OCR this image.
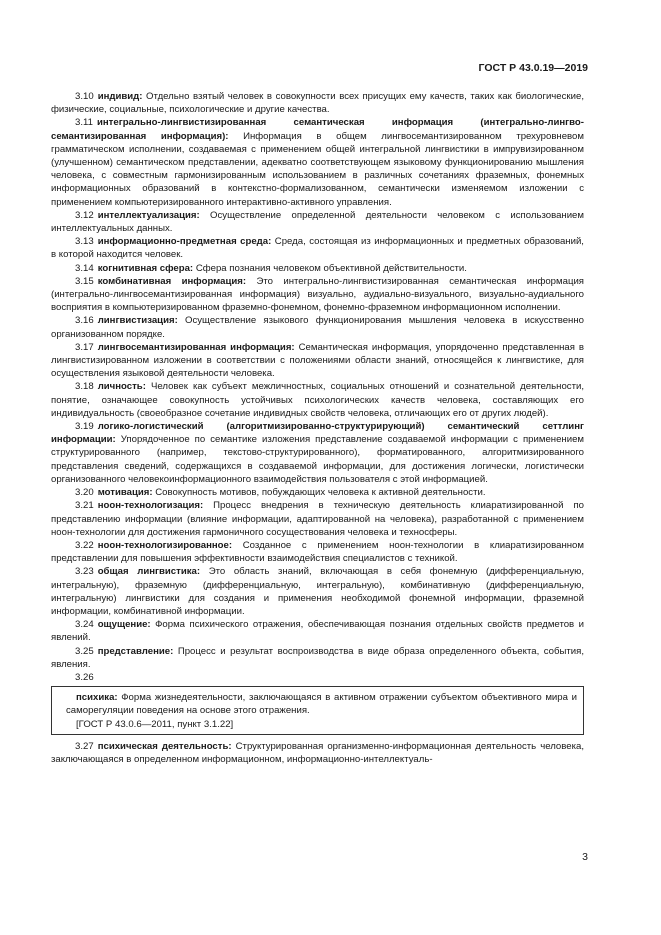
ГОСТ Р 43.0.19—2019

3.10 индивид: Отдельно взятый человек в совокупности всех присущих ему качеств, таких как биологические, физические, социальные, психологические и другие качества.

3.11 интегрально-лингвистизированная семантическая информация (интегрально-лингвосемантизированная информация): Информация в общем лингвосемантизированном трехуровневом грамматическом исполнении, создаваемая с применением общей интегральной лингвистики в импрувизированном (улучшенном) семантическом представлении, адекватно соответствующем языковому функционированию мышления человека, с совместным гармонизированным использованием в различных сочетаниях фраземных, фонемных информационных образований в контекстно-формализованном, семантически изменяемом изложении с применением компьютеризированного интерактивно-активного управления.

3.12 интеллектуализация: Осуществление определенной деятельности человеком с использованием интеллектуальных данных.

3.13 информационно-предметная среда: Среда, состоящая из информационных и предметных образований, в которой находится человек.

3.14 когнитивная сфера: Сфера познания человеком объективной действительности.

3.15 комбинативная информация: Это интегрально-лингвистизированная семантическая информация (интегрально-лингвосемантизированная информация) визуально, аудиально-визуального, визуально-аудиального восприятия в компьютеризированном фраземно-фонемном, фонемно-фраземном информационном исполнении.

3.16 лингвистизация: Осуществление языкового функционирования мышления человека в искусственно организованном порядке.

3.17 лингвосемантизированная информация: Семантическая информация, упорядоченно представленная в лингвистизированном изложении в соответствии с положениями области знаний, относящейся к лингвистике, для осуществления языковой деятельности человека.

3.18 личность: Человек как субъект межличностных, социальных отношений и сознательной деятельности, понятие, означающее совокупность устойчивых психологических качеств человека, составляющих его индивидуальность (своеобразное сочетание индивидных свойств человека, отличающих его от других людей).

3.19 логико-логистический (алгоритмизированно-структурирующий) семантический сеттлинг информации: Упорядоченное по семантике изложения представление создаваемой информации с применением структурированного (например, текстово-структурированного), форматированного, алгоритмизированного представления сведений, содержащихся в создаваемой информации, для достижения логически, логистически организованного человекоинформационного взаимодействия пользователя с этой информацией.

3.20 мотивация: Совокупность мотивов, побуждающих человека к активной деятельности.

3.21 ноон-технологизация: Процесс внедрения в техническую деятельность клиаратизированной по представлению информации (влияние информации, адаптированной на человека), разработанной с применением ноон-технологии для достижения гармоничного сосуществования человека и техносферы.

3.22 ноон-технологизированное: Созданное с применением ноон-технологии в клиаратизированном представлении для повышения эффективности взаимодействия специалистов с техникой.

3.23 общая лингвистика: Это область знаний, включающая в себя фонемную (дифференциальную, интегральную), фраземную (дифференциальную, интегральную), комбинативную (дифференциальную, интегральную) лингвистики для создания и применения необходимой фонемной информации, фраземной информации, комбинативной информации.

3.24 ощущение: Форма психического отражения, обеспечивающая познания отдельных свойств предметов и явлений.

3.25 представление: Процесс и результат воспроизводства в виде образа определенного объекта, события, явления.

3.26

психика: Форма жизнедеятельности, заключающаяся в активном отражении субъектом объективного мира и саморегуляции поведения на основе этого отражения.

[ГОСТ Р 43.0.6—2011, пункт 3.1.22]

3.27 психическая деятельность: Структурированная организменно-информационная деятельность человека, заключающаяся в определенном информационном, информационно-интеллектуаль-

3
